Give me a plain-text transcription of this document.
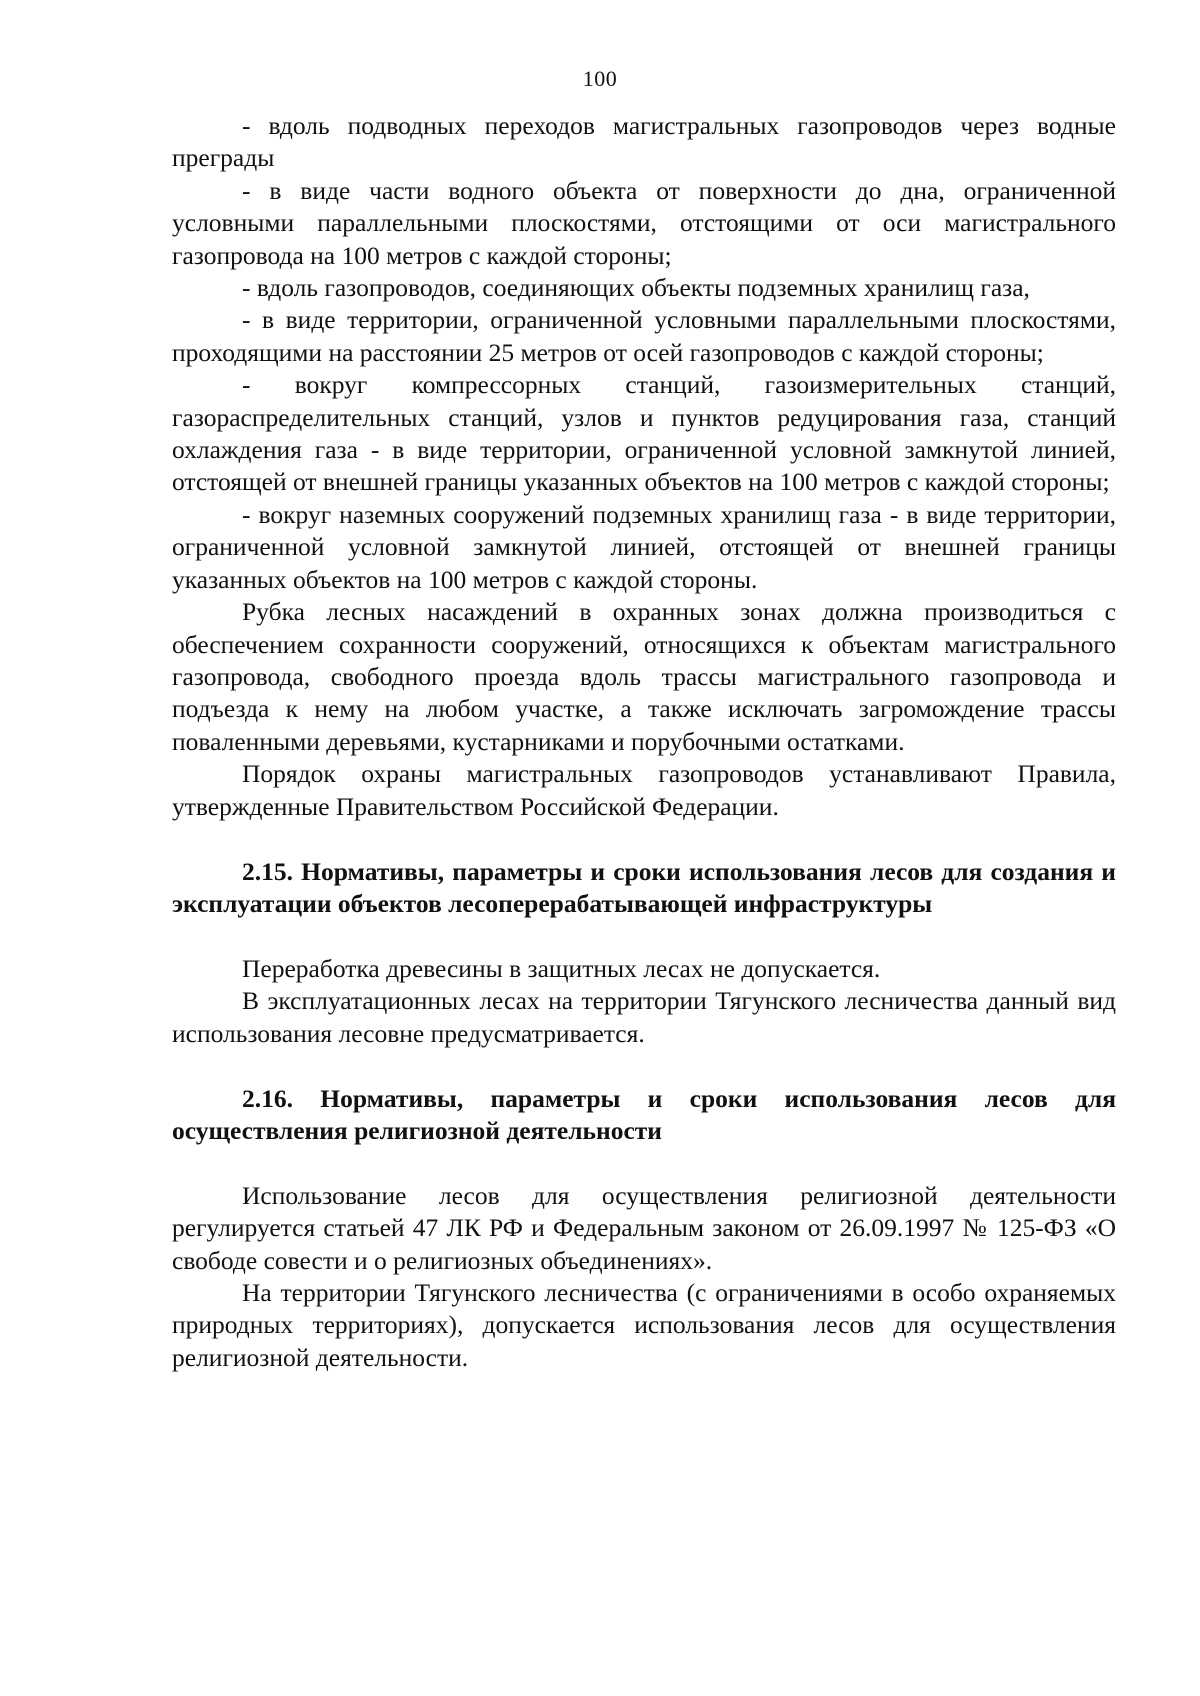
100

- вдоль подводных переходов магистральных газопроводов через водные преграды

- в виде части водного объекта от поверхности до дна, ограниченной условными параллельными плоскостями, отстоящими от оси магистрального газопровода на 100 метров с каждой стороны;

- вдоль газопроводов, соединяющих объекты подземных хранилищ газа,

- в виде территории, ограниченной условными параллельными плоскостями, проходящими на расстоянии 25 метров от осей газопроводов с каждой стороны;

- вокруг компрессорных станций, газоизмерительных станций, газораспределительных станций, узлов и пунктов редуцирования газа, станций охлаждения газа - в виде территории, ограниченной условной замкнутой линией, отстоящей от внешней границы указанных объектов на 100 метров с каждой стороны;

- вокруг наземных сооружений подземных хранилищ газа - в виде территории, ограниченной условной замкнутой линией, отстоящей от внешней границы указанных объектов на 100 метров с каждой стороны.

Рубка лесных насаждений в охранных зонах должна производиться с обеспечением сохранности сооружений, относящихся к объектам магистрального газопровода, свободного проезда вдоль трассы магистрального газопровода и подъезда к нему на любом участке, а также исключать загромождение трассы поваленными деревьями, кустарниками и порубочными остатками.

Порядок охраны магистральных газопроводов устанавливают Правила, утвержденные Правительством Российской Федерации.

2.15. Нормативы, параметры и сроки использования лесов для создания и эксплуатации объектов лесоперерабатывающей инфраструктуры

Переработка древесины в защитных лесах не допускается.

В эксплуатационных лесах на территории Тягунского лесничества данный вид использования лесовне предусматривается.

2.16. Нормативы, параметры и сроки использования лесов для осуществления религиозной деятельности

Использование лесов для осуществления религиозной деятельности регулируется статьей 47 ЛК РФ и Федеральным законом от 26.09.1997 № 125-ФЗ «О свободе совести и о религиозных объединениях».

На территории Тягунского лесничества (с ограничениями в особо охраняемых природных территориях), допускается использования лесов для осуществления религиозной деятельности.
